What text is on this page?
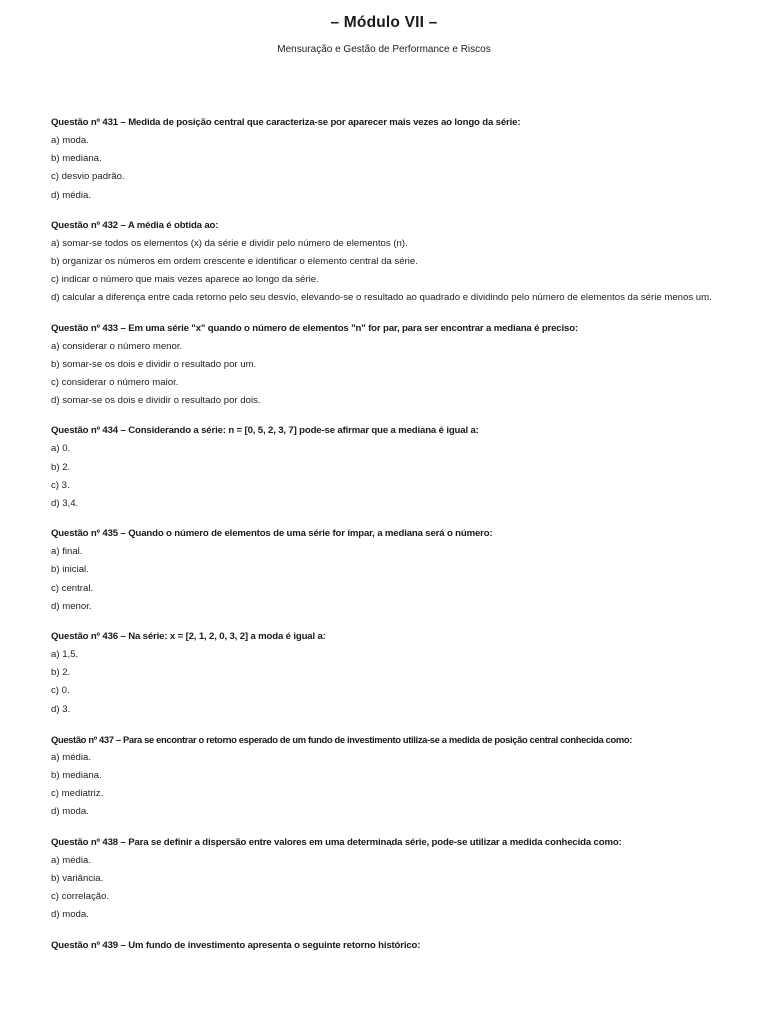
– Módulo VII –
Mensuração e Gestão de Performance e Riscos
Questão nº 431 – Medida de posição central que caracteriza-se por aparecer mais vezes ao longo da série:
a) moda.
b) mediana.
c) desvio padrão.
d) média.
Questão nº 432 – A média é obtida ao:
a) somar-se todos os elementos (x) da série e dividir pelo número de elementos (n).
b) organizar os números em ordem crescente e identificar o elemento central da série.
c) indicar o número que mais vezes aparece ao longo da série.
d) calcular a diferença entre cada retorno pelo seu desvio, elevando-se o resultado ao quadrado e dividindo pelo número de elementos da série menos um.
Questão nº 433 – Em uma série "x" quando o número de elementos "n" for par, para ser encontrar a mediana é preciso:
a) considerar o número menor.
b) somar-se os dois e dividir o resultado por um.
c) considerar o número maior.
d) somar-se os dois e dividir o resultado por dois.
Questão nº 434 – Considerando a série: n = [0, 5, 2, 3, 7] pode-se afirmar que a mediana é igual a:
a) 0.
b) 2.
c) 3.
d) 3,4.
Questão nº 435 – Quando o número de elementos de uma série for ímpar, a mediana será o número:
a) final.
b) inicial.
c) central.
d) menor.
Questão nº 436 – Na série: x = [2, 1, 2, 0, 3, 2] a moda é igual a:
a) 1,5.
b) 2.
c) 0.
d) 3.
Questão nº 437 – Para se encontrar o retorno esperado de um fundo de investimento utiliza-se a medida de posição central conhecida como:
a) média.
b) mediana.
c) mediatriz.
d) moda.
Questão nº 438 – Para se definir a dispersão entre valores em uma determinada série, pode-se utilizar a medida conhecida como:
a) média.
b) variância.
c) correlação.
d) moda.
Questão nº 439 – Um fundo de investimento apresenta o seguinte retorno histórico:
